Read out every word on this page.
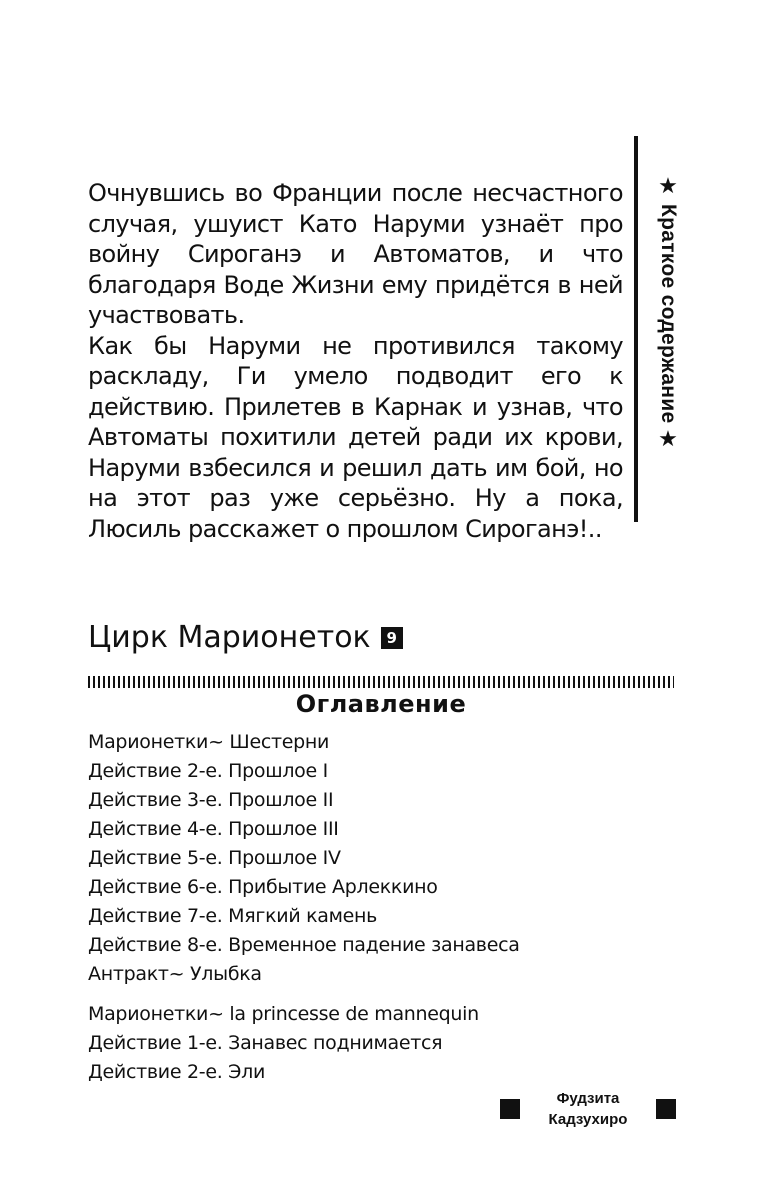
Очнувшись во Франции после несчастного случая, ушуист Като Наруми узнаёт про войну Сироганэ и Автоматов, и что благодаря Воде Жизни ему придётся в ней участвовать.

Как бы Наруми не противился такому раскладу, Ги умело подводит его к действию. Прилетев в Карнак и узнав, что Автоматы похитили детей ради их крови, Наруми взбесился и решил дать им бой, но на этот раз уже серьёзно. Ну а пока, Люсиль расскажет о прошлом Сироганэ!..

★
Краткое содержание
★
Цирк Марионеток	9
Оглавление
Марионетки~ Шестерни
Действие 2-е. Прошлое I
Действие 3-е. Прошлое II
Действие 4-е. Прошлое III
Действие 5-е. Прошлое IV
Действие 6-е. Прибытие Арлеккино
Действие 7-е. Мягкий камень
Действие 8-е. Временное падение занавеса
Антракт~ Улыбка
Марионетки~ la princesse de mannequin
Действие 1-е. Занавес поднимается
Действие 2-е. Эли
Фудзита
Кадзухиро
